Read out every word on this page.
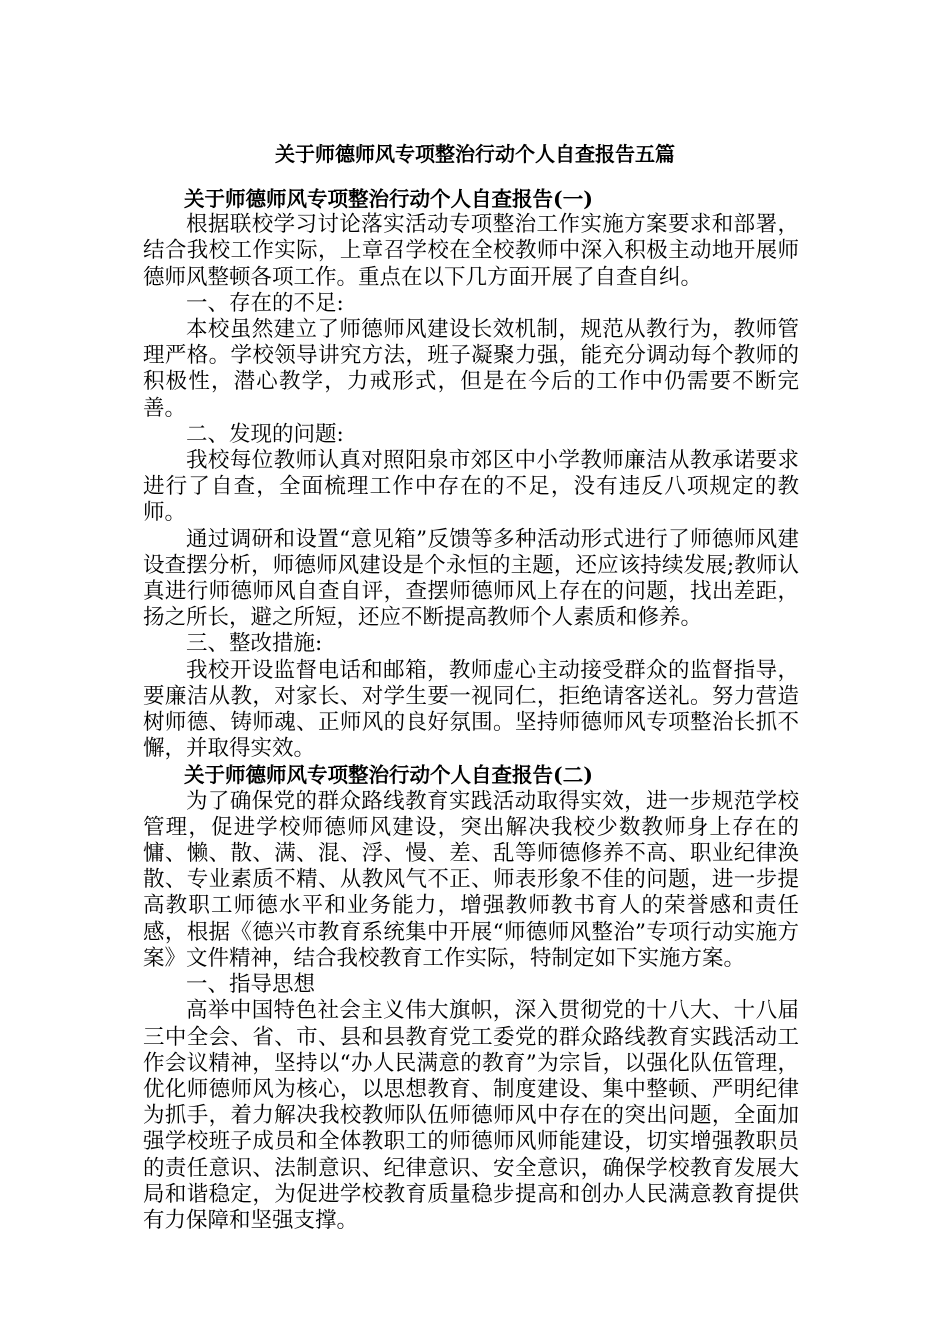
关于师德师风专项整治行动个人自查报告五篇

关于师德师风专项整治行动个人自查报告(一)

根据联校学习讨论落实活动专项整治工作实施方案要求和部署，结合我校工作实际，上章召学校在全校教师中深入积极主动地开展师德师风整顿各项工作。重点在以下几方面开展了自查自纠。

一、存在的不足:

本校虽然建立了师德师风建设长效机制，规范从教行为，教师管理严格。学校领导讲究方法，班子凝聚力强，能充分调动每个教师的积极性，潜心教学，力戒形式，但是在今后的工作中仍需要不断完善。

二、发现的问题:

我校每位教师认真对照阳泉市郊区中小学教师廉洁从教承诺要求进行了自查，全面梳理工作中存在的不足，没有违反八项规定的教师。

通过调研和设置“意见箱”反馈等多种活动形式进行了师德师风建设查摆分析，师德师风建设是个永恒的主题，还应该持续发展;教师认真进行师德师风自查自评，查摆师德师风上存在的问题，找出差距，扬之所长，避之所短，还应不断提高教师个人素质和修养。

三、整改措施:

我校开设监督电话和邮箱，教师虚心主动接受群众的监督指导，要廉洁从教，对家长、对学生要一视同仁，拒绝请客送礼。努力营造树师德、铸师魂、正师风的良好氛围。坚持师德师风专项整治长抓不懈，并取得实效。

关于师德师风专项整治行动个人自查报告(二)

为了确保党的群众路线教育实践活动取得实效，进一步规范学校管理，促进学校师德师风建设，突出解决我校少数教师身上存在的慵、懒、散、满、混、浮、慢、差、乱等师德修养不高、职业纪律涣散、专业素质不精、从教风气不正、师表形象不佳的问题，进一步提高教职工师德水平和业务能力，增强教师教书育人的荣誉感和责任感，根据《德兴市教育系统集中开展“师德师风整治”专项行动实施方案》文件精神，结合我校教育工作实际，特制定如下实施方案。

一、指导思想

高举中国特色社会主义伟大旗帜，深入贯彻党的十八大、十八届三中全会、省、市、县和县教育党工委党的群众路线教育实践活动工作会议精神，坚持以“办人民满意的教育”为宗旨，以强化队伍管理，优化师德师风为核心，以思想教育、制度建设、集中整顿、严明纪律为抓手，着力解决我校教师队伍师德师风中存在的突出问题，全面加强学校班子成员和全体教职工的师德师风师能建设，切实增强教职员的责任意识、法制意识、纪律意识、安全意识，确保学校教育发展大局和谐稳定，为促进学校教育质量稳步提高和创办人民满意教育提供有力保障和坚强支撑。
